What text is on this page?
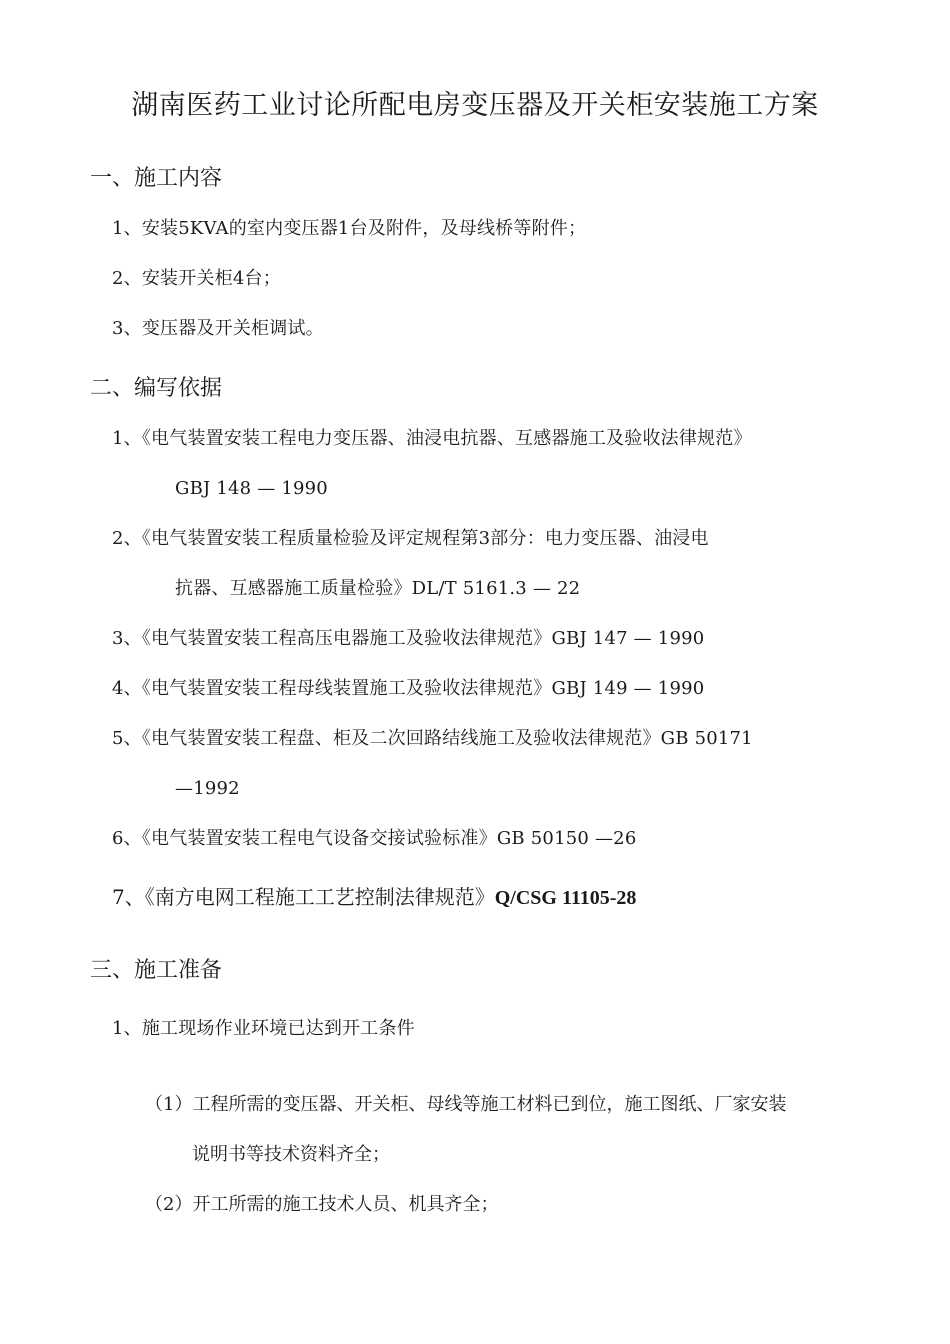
湖南医药工业讨论所配电房变压器及开关柜安装施工方案
一、施工内容
1、安装5KVA的室内变压器1台及附件，及母线桥等附件；
2、安装开关柜4台；
3、变压器及开关柜调试。
二、编写依据
1、《电气装置安装工程电力变压器、油浸电抗器、互感器施工及验收法律规范》
GBJ 148 — 1990
2、《电气装置安装工程质量检验及评定规程第3部分：电力变压器、油浸电
抗器、互感器施工质量检验》DL/T 5161.3 — 22
3、《电气装置安装工程高压电器施工及验收法律规范》GBJ 147 — 1990
4、《电气装置安装工程母线装置施工及验收法律规范》GBJ 149 — 1990
5、《电气装置安装工程盘、柜及二次回路结线施工及验收法律规范》GB 50171
—1992
6、《电气装置安装工程电气设备交接试验标准》GB 50150 —26
7、《南方电网工程施工工艺控制法律规范》Q/CSG 11105-28
三、施工准备
1、施工现场作业环境已达到开工条件
（1）工程所需的变压器、开关柜、母线等施工材料已到位，施工图纸、厂家安装
说明书等技术资料齐全；
（2）开工所需的施工技术人员、机具齐全；
